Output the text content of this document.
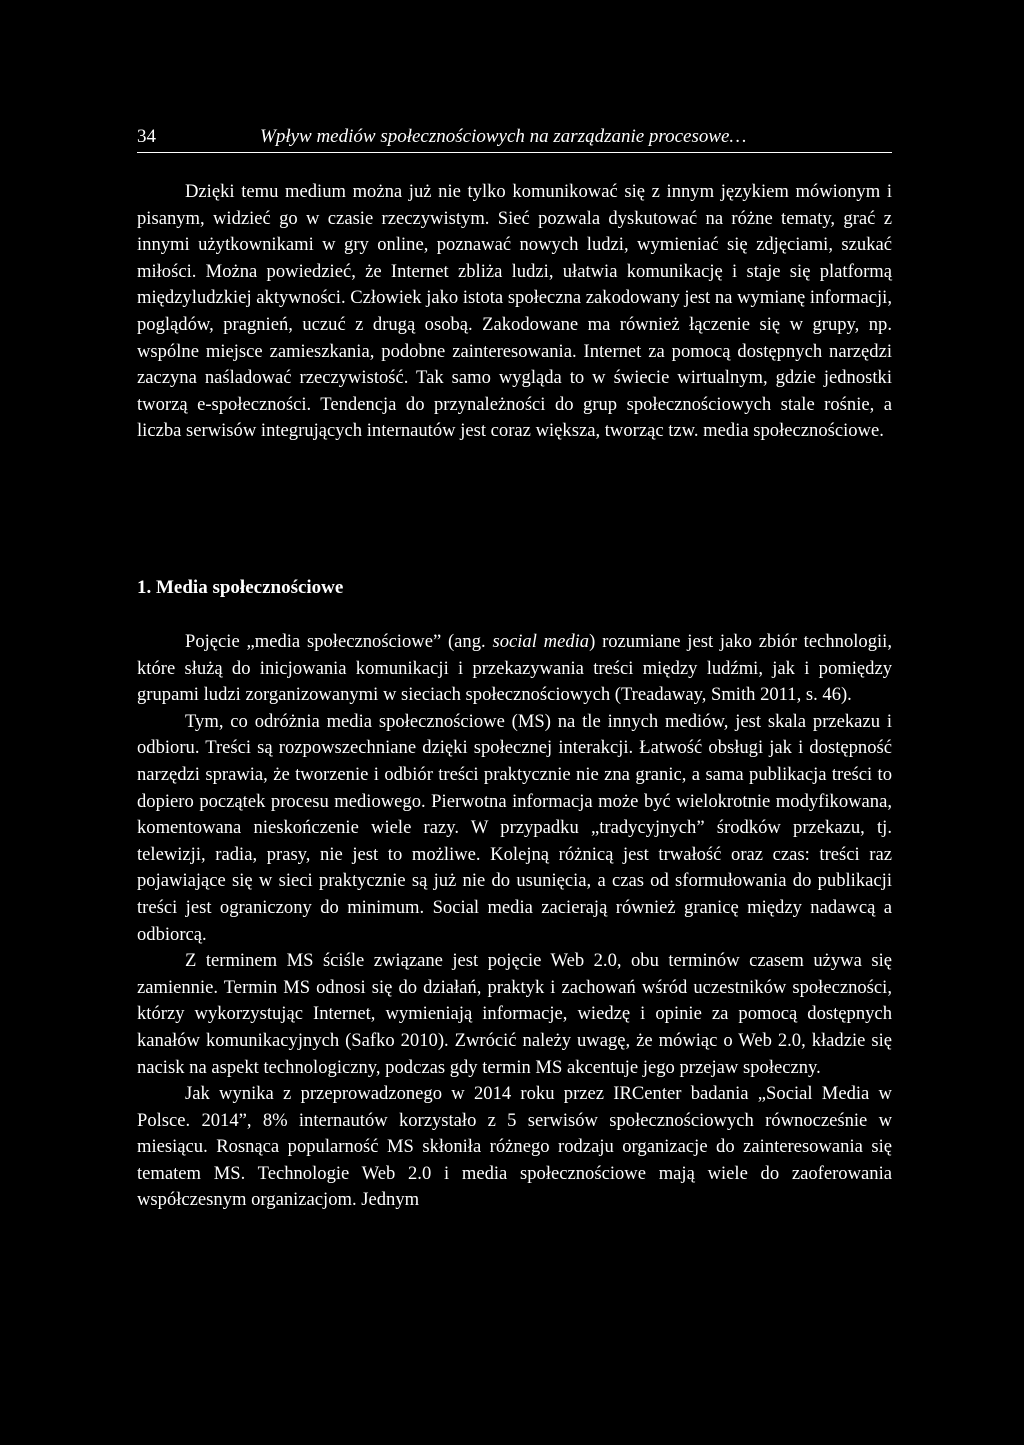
34	Wpływ mediów społecznościowych na zarządzanie procesowe…

Dzięki temu medium można już nie tylko komunikować się z innym językiem mówionym i pisanym, widzieć go w czasie rzeczywistym. Sieć pozwala dyskutować na różne tematy, grać z innymi użytkownikami w gry online, poznawać nowych ludzi, wymieniać się zdjęciami, szukać miłości. Można powiedzieć, że Internet zbliża ludzi, ułatwia komunikację i staje się platformą międzyludzkiej aktywności. Człowiek jako istota społeczna zakodowany jest na wymianę informacji, poglądów, pragnień, uczuć z drugą osobą. Zakodowane ma również łączenie się w grupy, np. wspólne miejsce zamieszkania, podobne zainteresowania. Internet za pomocą dostępnych narzędzi zaczyna naśladować rzeczywistość. Tak samo wygląda to w świecie wirtualnym, gdzie jednostki tworzą e-społeczności. Tendencja do przynależności do grup społecznościowych stale rośnie, a liczba serwisów integrujących internautów jest coraz większa, tworząc tzw. media społecznościowe.

1. Media społecznościowe

Pojęcie „media społecznościowe” (ang. social media) rozumiane jest jako zbiór technologii, które służą do inicjowania komunikacji i przekazywania treści między ludźmi, jak i pomiędzy grupami ludzi zorganizowanymi w sieciach społecznościowych (Treadaway, Smith 2011, s. 46).

Tym, co odróżnia media społecznościowe (MS) na tle innych mediów, jest skala przekazu i odbioru. Treści są rozpowszechniane dzięki społecznej interakcji. Łatwość obsługi jak i dostępność narzędzi sprawia, że tworzenie i odbiór treści praktycznie nie zna granic, a sama publikacja treści to dopiero początek procesu mediowego. Pierwotna informacja może być wielokrotnie modyfikowana, komentowana nieskończenie wiele razy. W przypadku „tradycyjnych” środków przekazu, tj. telewizji, radia, prasy, nie jest to możliwe. Kolejną różnicą jest trwałość oraz czas: treści raz pojawiające się w sieci praktycznie są już nie do usunięcia, a czas od sformułowania do publikacji treści jest ograniczony do minimum. Social media zacierają również granicę między nadawcą a odbiorcą.

Z terminem MS ściśle związane jest pojęcie Web 2.0, obu terminów czasem używa się zamiennie. Termin MS odnosi się do działań, praktyk i zachowań wśród uczestników społeczności, którzy wykorzystując Internet, wymieniają informacje, wiedzę i opinie za pomocą dostępnych kanałów komunikacyjnych (Safko 2010). Zwrócić należy uwagę, że mówiąc o Web 2.0, kładzie się nacisk na aspekt technologiczny, podczas gdy termin MS akcentuje jego przejaw społeczny.

Jak wynika z przeprowadzonego w 2014 roku przez IRCenter badania „Social Media w Polsce. 2014”, 8% internautów korzystało z 5 serwisów społecznościowych równocześnie w miesiącu. Rosnąca popularność MS skłoniła różnego rodzaju organizacje do zainteresowania się tematem MS. Technologie Web 2.0 i media społecznościowe mają wiele do zaoferowania współczesnym organizacjom. Jednym
